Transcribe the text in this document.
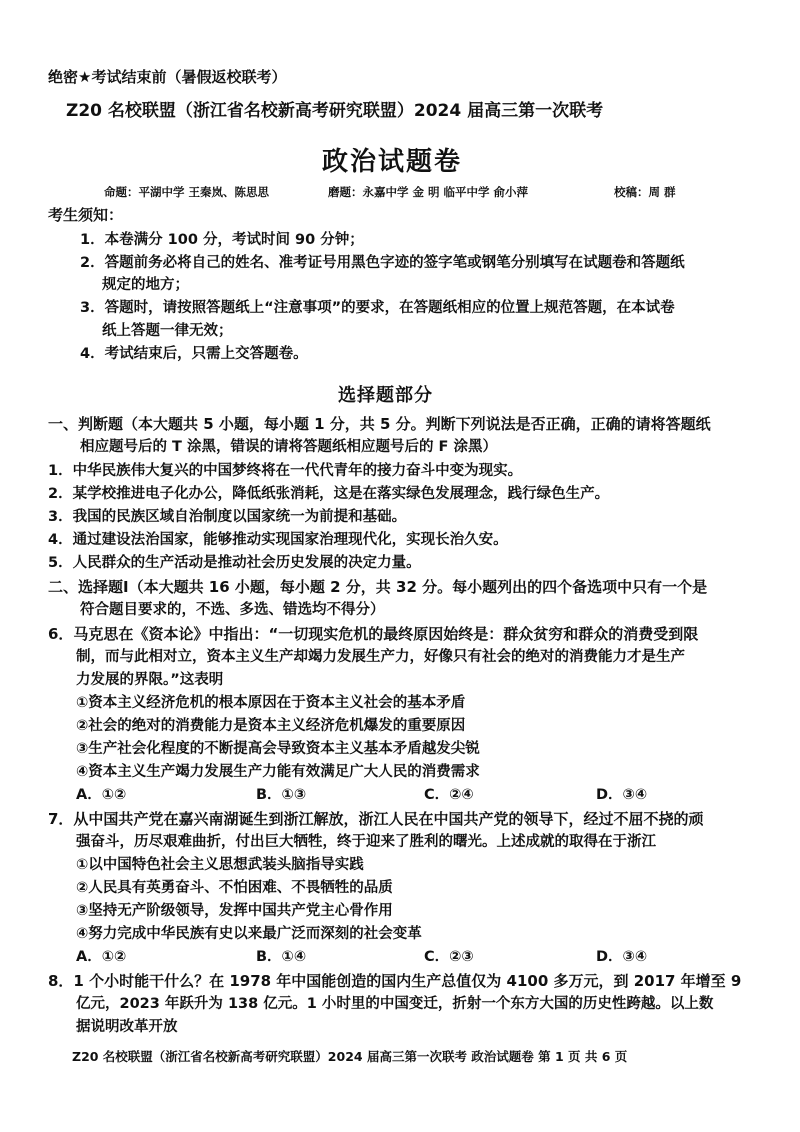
绝密★考试结束前（暑假返校联考）
Z20 名校联盟（浙江省名校新高考研究联盟）2024 届高三第一次联考
政治试题卷
命题：平湖中学 王秦岚、陈思思	磨题：永嘉中学 金 明 临平中学 俞小萍	校稿：周 群
考生须知：
1．本卷满分 100 分，考试时间 90 分钟；
2．答题前务必将自己的姓名、准考证号用黑色字迹的签字笔或钢笔分别填写在试题卷和答题纸
规定的地方；
3．答题时，请按照答题纸上“注意事项”的要求，在答题纸相应的位置上规范答题，在本试卷
纸上答题一律无效；
4．考试结束后，只需上交答题卷。
选择题部分
一、判断题（本大题共 5 小题，每小题 1 分，共 5 分。判断下列说法是否正确，正确的请将答题纸
相应题号后的 T 涂黑，错误的请将答题纸相应题号后的 F 涂黑）
1．中华民族伟大复兴的中国梦终将在一代代青年的接力奋斗中变为现实。
2．某学校推进电子化办公，降低纸张消耗，这是在落实绿色发展理念，践行绿色生产。
3．我国的民族区域自治制度以国家统一为前提和基础。
4．通过建设法治国家，能够推动实现国家治理现代化，实现长治久安。
5．人民群众的生产活动是推动社会历史发展的决定力量。
二、选择题Ⅰ（本大题共 16 小题，每小题 2 分，共 32 分。每小题列出的四个备选项中只有一个是
符合题目要求的，不选、多选、错选均不得分）
6．马克思在《资本论》中指出：“一切现实危机的最终原因始终是：群众贫穷和群众的消费受到限
制，而与此相对立，资本主义生产却竭力发展生产力，好像只有社会的绝对的消费能力才是生产
力发展的界限。”这表明
①资本主义经济危机的根本原因在于资本主义社会的基本矛盾
②社会的绝对的消费能力是资本主义经济危机爆发的重要原因
③生产社会化程度的不断提高会导致资本主义基本矛盾越发尖锐
④资本主义生产竭力发展生产力能有效满足广大人民的消费需求
A．①②	B．①③	C．②④	D．③④
7．从中国共产党在嘉兴南湖诞生到浙江解放，浙江人民在中国共产党的领导下，经过不屈不挠的顽
强奋斗，历尽艰难曲折，付出巨大牺牲，终于迎来了胜利的曙光。上述成就的取得在于浙江
①以中国特色社会主义思想武装头脑指导实践
②人民具有英勇奋斗、不怕困难、不畏牺牲的品质
③坚持无产阶级领导，发挥中国共产党主心骨作用
④努力完成中华民族有史以来最广泛而深刻的社会变革
A．①②	B．①④	C．②③	D．③④
8．1 个小时能干什么？在 1978 年中国能创造的国内生产总值仅为 4100 多万元，到 2017 年增至 9
亿元，2023 年跃升为 138 亿元。1 小时里的中国变迁，折射一个东方大国的历史性跨越。以上数
据说明改革开放
Z20 名校联盟（浙江省名校新高考研究联盟）2024 届高三第一次联考 政治试题卷 第 1 页 共 6 页
